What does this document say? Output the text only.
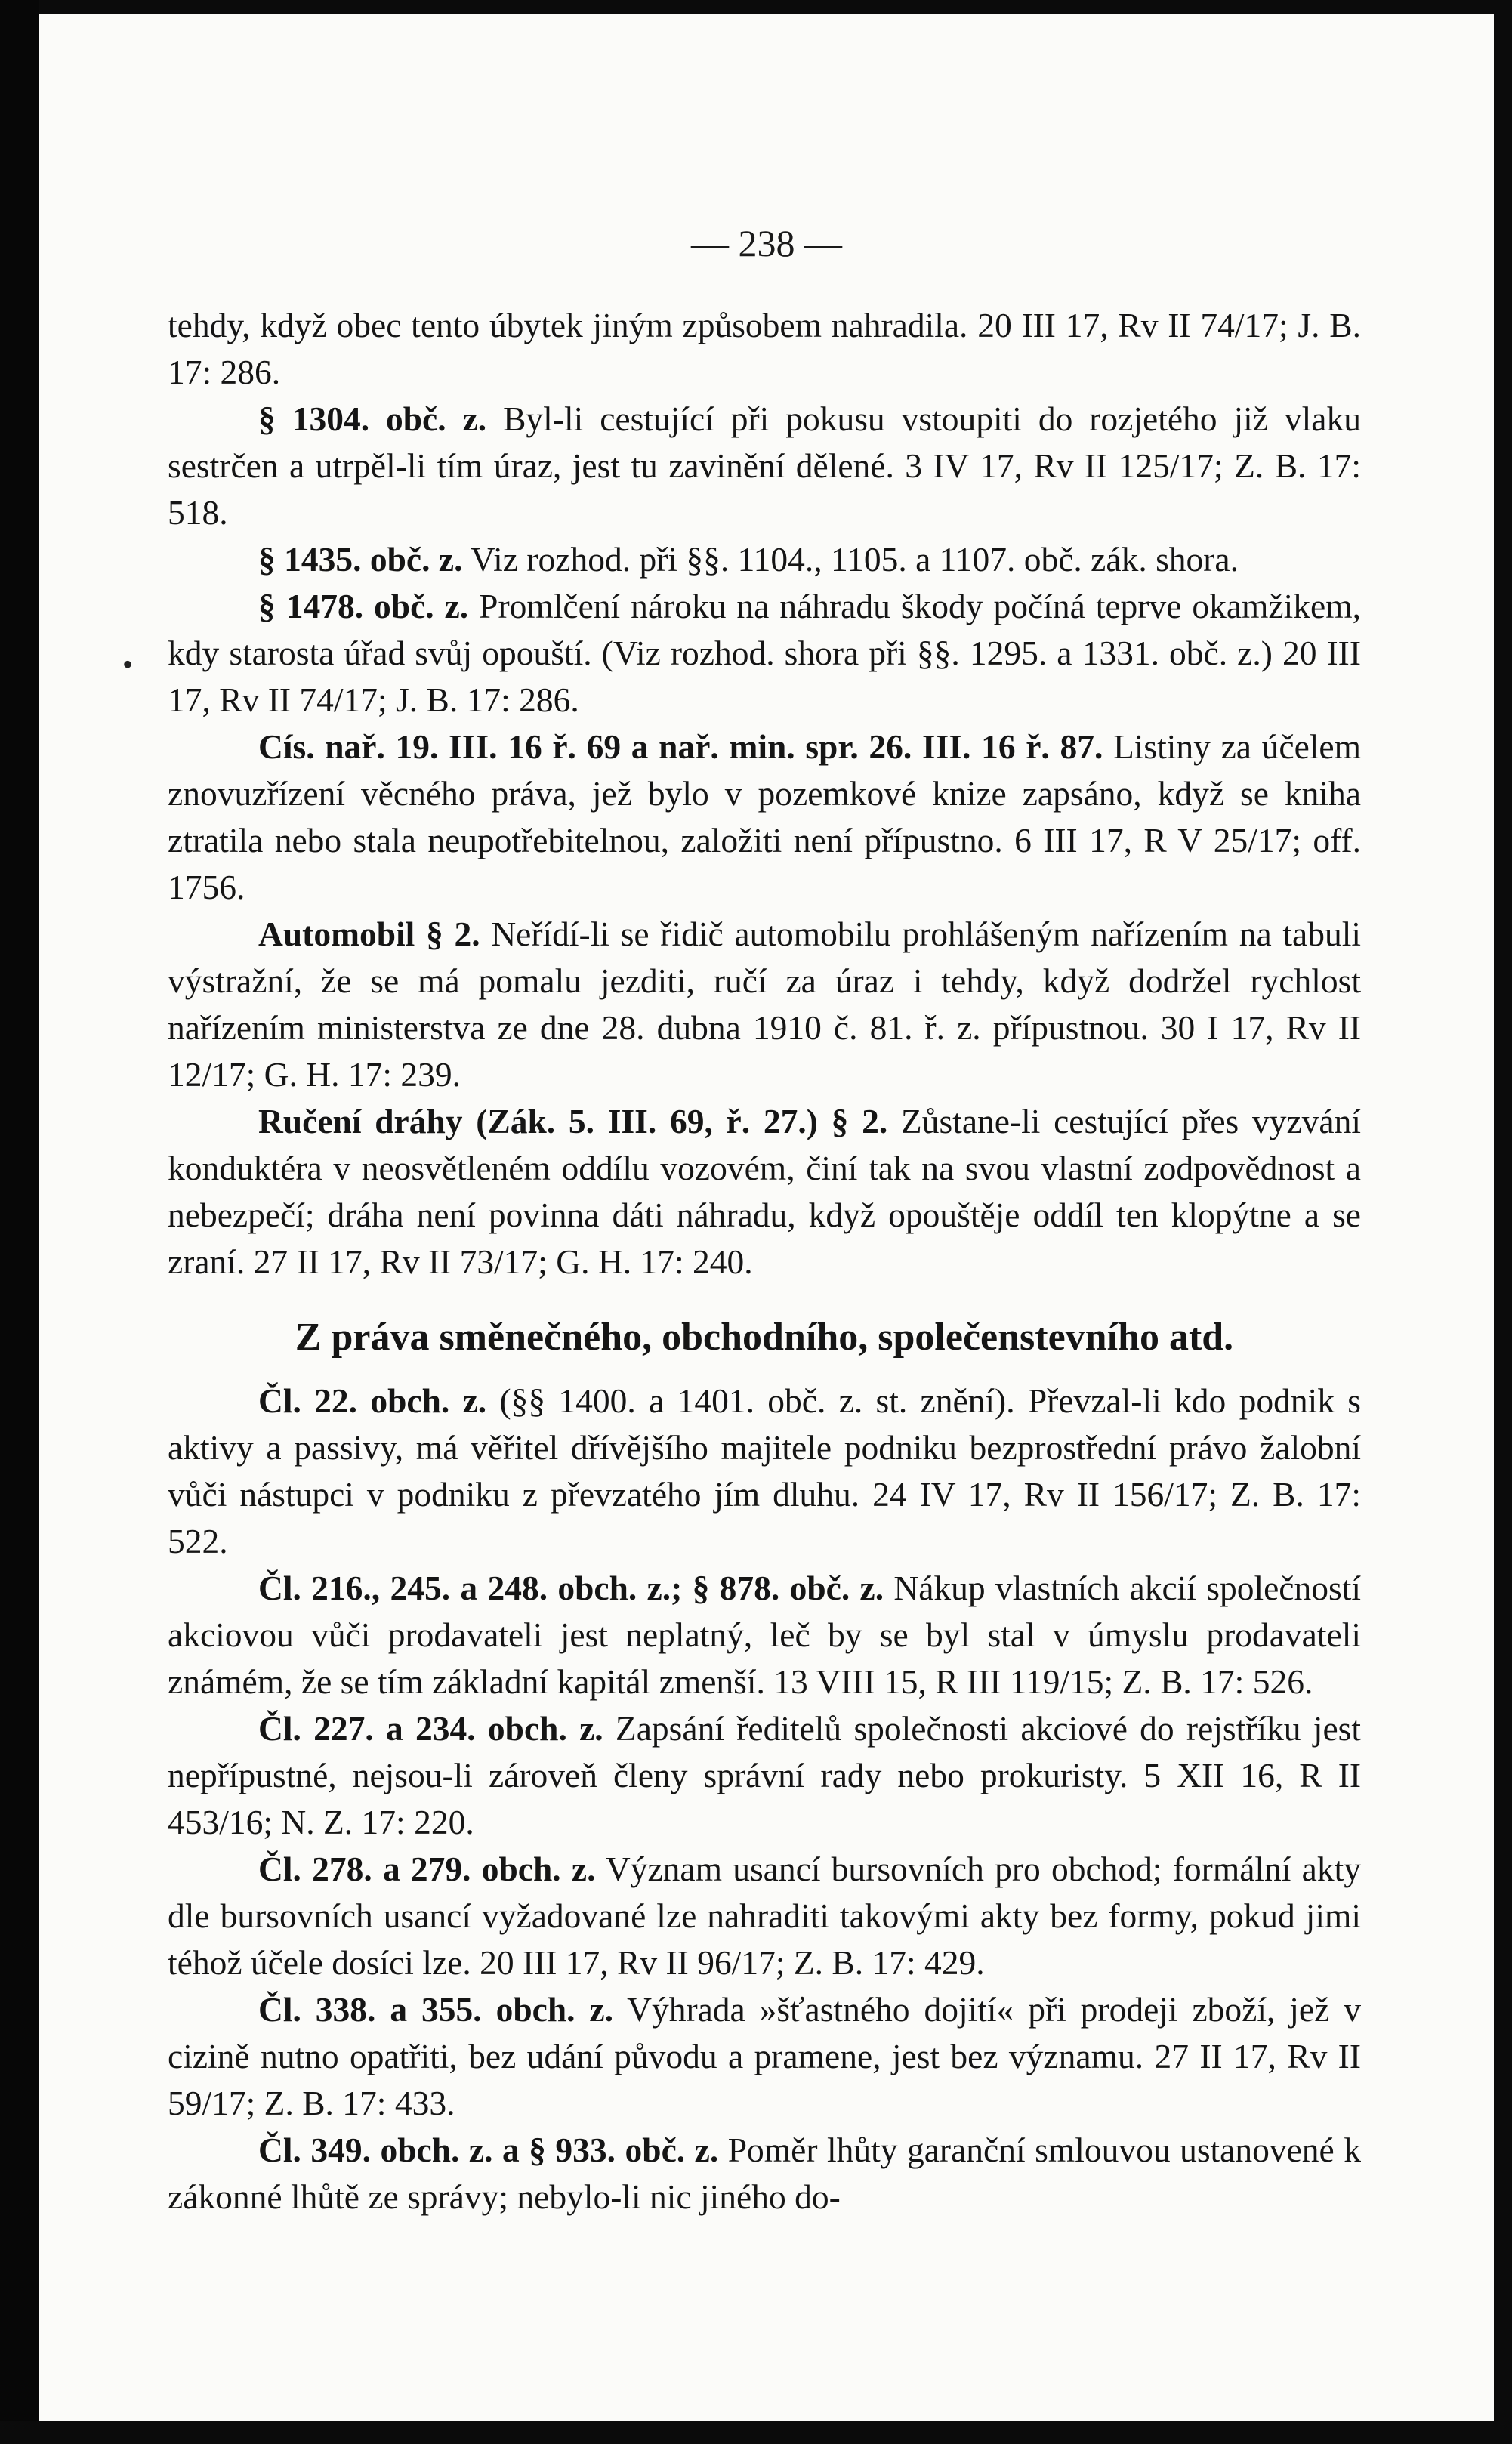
— 238 —
•

tehdy, když obec tento úbytek jiným způsobem nahradila. 20 III 17, Rv II 74/17; J. B. 17: 286.

§ 1304. obč. z. Byl-li cestující při pokusu vstoupiti do rozjetého již vlaku sestrčen a utrpěl-li tím úraz, jest tu zavinění dělené. 3 IV 17, Rv II 125/17; Z. B. 17: 518.

§ 1435. obč. z. Viz rozhod. při §§. 1104., 1105. a 1107. obč. zák. shora.

§ 1478. obč. z. Promlčení nároku na náhradu škody počíná teprve okamžikem, kdy starosta úřad svůj opouští. (Viz rozhod. shora při §§. 1295. a 1331. obč. z.) 20 III 17, Rv II 74/17; J. B. 17: 286.

Cís. nař. 19. III. 16 ř. 69 a nař. min. spr. 26. III. 16 ř. 87. Listiny za účelem znovuzřízení věcného práva, jež bylo v pozemkové knize zapsáno, když se kniha ztratila nebo stala neupotřebitelnou, založiti není přípustno. 6 III 17, R V 25/17; off. 1756.

Automobil § 2. Neřídí-li se řidič automobilu prohlášeným nařízením na tabuli výstražní, že se má pomalu jezditi, ručí za úraz i tehdy, když dodržel rychlost nařízením ministerstva ze dne 28. dubna 1910 č. 81. ř. z. přípustnou. 30 I 17, Rv II 12/17; G. H. 17: 239.

Ručení dráhy (Zák. 5. III. 69, ř. 27.) § 2. Zůstane-li cestující přes vyzvání konduktéra v neosvětleném oddílu vozovém, činí tak na svou vlastní zodpovědnost a nebezpečí; dráha není povinna dáti náhradu, když opouštěje oddíl ten klopýtne a se zraní. 27 II 17, Rv II 73/17; G. H. 17: 240.

Z práva směnečného, obchodního, společenstevního atd.

Čl. 22. obch. z. (§§ 1400. a 1401. obč. z. st. znění). Převzal-li kdo podnik s aktivy a passivy, má věřitel dřívějšího majitele podniku bezprostřední právo žalobní vůči nástupci v podniku z převzatého jím dluhu. 24 IV 17, Rv II 156/17; Z. B. 17: 522.

Čl. 216., 245. a 248. obch. z.; § 878. obč. z. Nákup vlastních akcií společností akciovou vůči prodavateli jest neplatný, leč by se byl stal v úmyslu prodavateli známém, že se tím základní kapitál zmenší. 13 VIII 15, R III 119/15; Z. B. 17: 526.

Čl. 227. a 234. obch. z. Zapsání ředitelů společnosti akciové do rejstříku jest nepřípustné, nejsou-li zároveň členy správní rady nebo prokuristy. 5 XII 16, R II 453/16; N. Z. 17: 220.

Čl. 278. a 279. obch. z. Význam usancí bursovních pro obchod; formální akty dle bursovních usancí vyžadované lze nahraditi takovými akty bez formy, pokud jimi téhož účele dosíci lze. 20 III 17, Rv II 96/17; Z. B. 17: 429.

Čl. 338. a 355. obch. z. Výhrada »šťastného dojití« při prodeji zboží, jež v cizině nutno opatřiti, bez udání původu a pramene, jest bez významu. 27 II 17, Rv II 59/17; Z. B. 17: 433.

Čl. 349. obch. z. a § 933. obč. z. Poměr lhůty garanční smlouvou ustanovené k zákonné lhůtě ze správy; nebylo-li nic jiného do-
